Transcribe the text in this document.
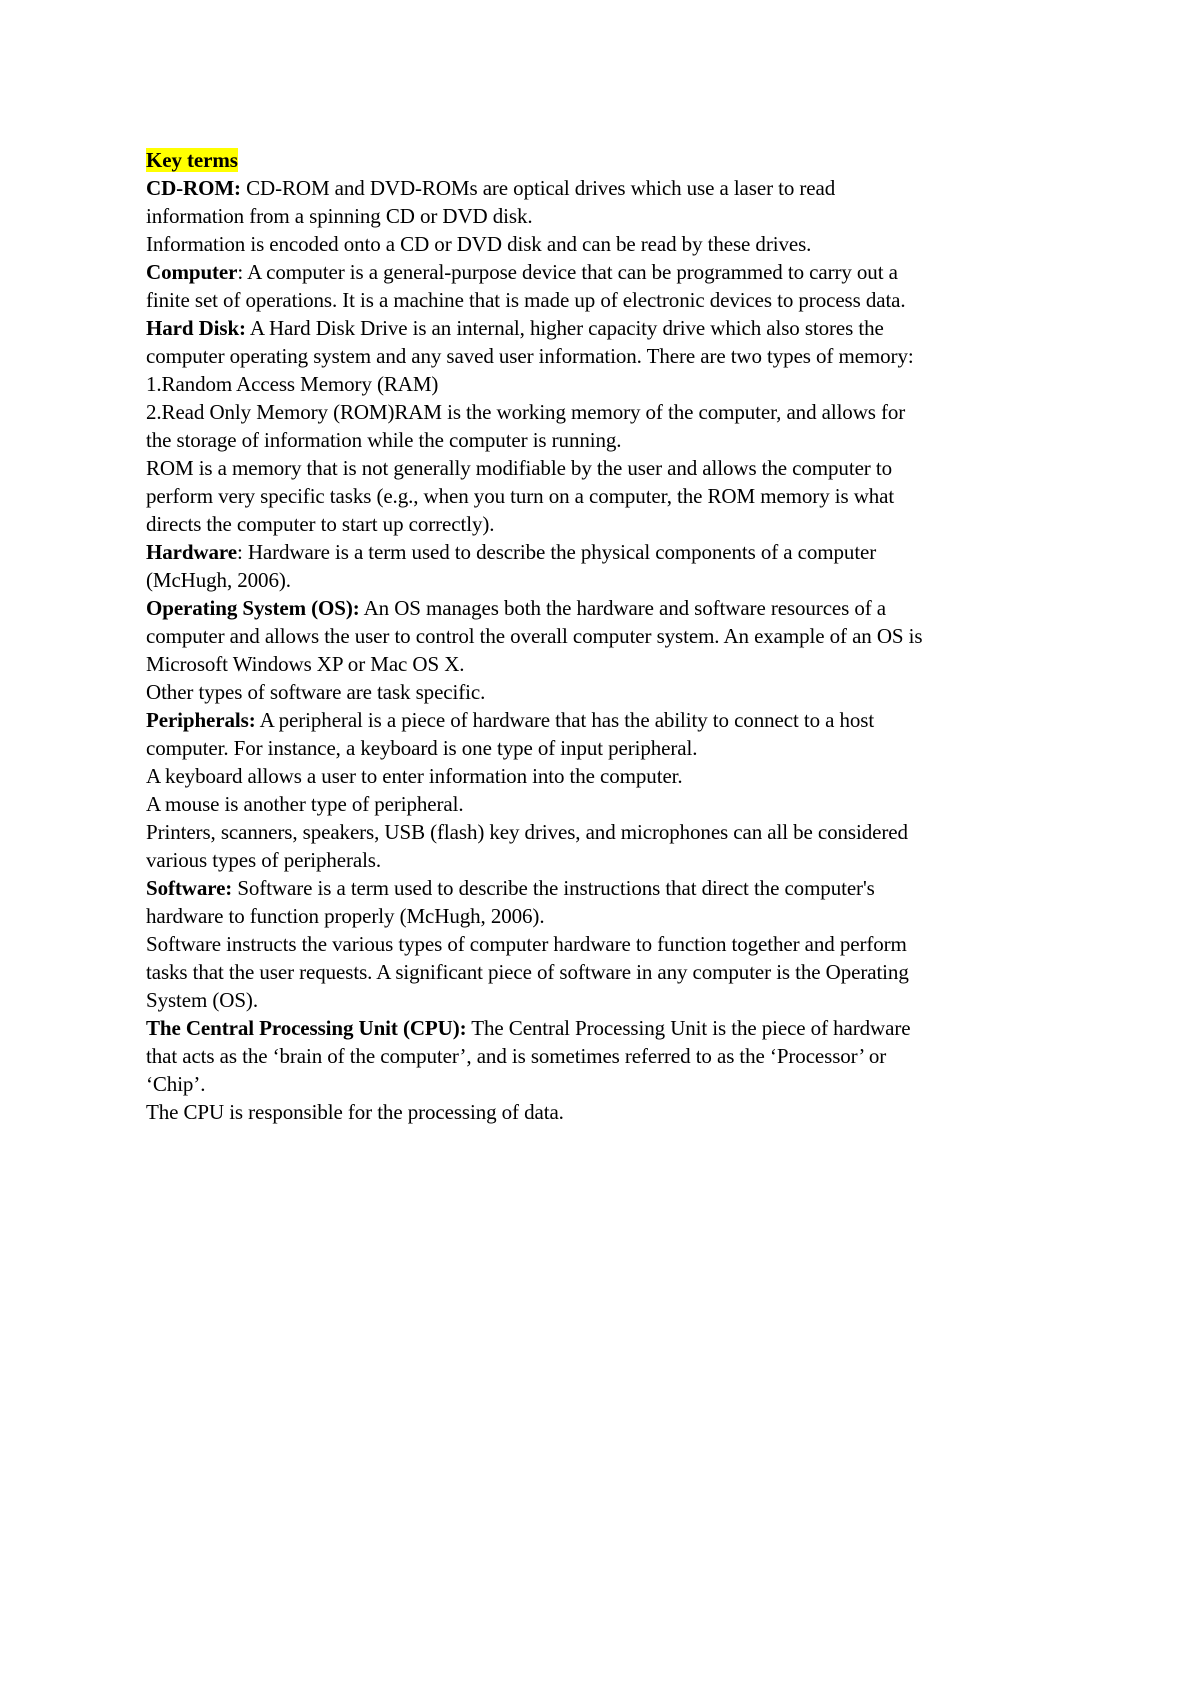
Key terms

CD-ROM: CD-ROM and DVD-ROMs are optical drives which use a laser to read

information from a spinning CD or DVD disk.

Information is encoded onto a CD or DVD disk and can be read by these drives.

Computer: A computer is a general-purpose device that can be programmed to carry out a

finite set of operations. It is a machine that is made up of electronic devices to process data.

Hard Disk: A Hard Disk Drive is an internal, higher capacity drive which also stores the

computer operating system and any saved user information. There are two types of memory:

1.Random Access Memory (RAM)

2.Read Only Memory (ROM)RAM is the working memory of the computer, and allows for

the storage of information while the computer is running.

ROM is a memory that is not generally modifiable by the user and allows the computer to

perform very specific tasks (e.g., when you turn on a computer, the ROM memory is what

directs the computer to start up correctly).

Hardware: Hardware is a term used to describe the physical components of a computer

(McHugh, 2006).

Operating System (OS): An OS manages both the hardware and software resources of a

computer and allows the user to control the overall computer system. An example of an OS is

Microsoft Windows XP or Mac OS X.

Other types of software are task specific.

Peripherals: A peripheral is a piece of hardware that has the ability to connect to a host

computer. For instance, a keyboard is one type of input peripheral.

A keyboard allows a user to enter information into the computer.

A mouse is another type of peripheral.

Printers, scanners, speakers, USB (flash) key drives, and microphones can all be considered

various types of peripherals.

Software: Software is a term used to describe the instructions that direct the computer's

hardware to function properly (McHugh, 2006).

Software instructs the various types of computer hardware to function together and perform

tasks that the user requests. A significant piece of software in any computer is the Operating

System (OS).

The Central Processing Unit (CPU): The Central Processing Unit is the piece of hardware

that acts as the ‘brain of the computer’, and is sometimes referred to as the ‘Processor’ or

‘Chip’.

The CPU is responsible for the processing of data.
